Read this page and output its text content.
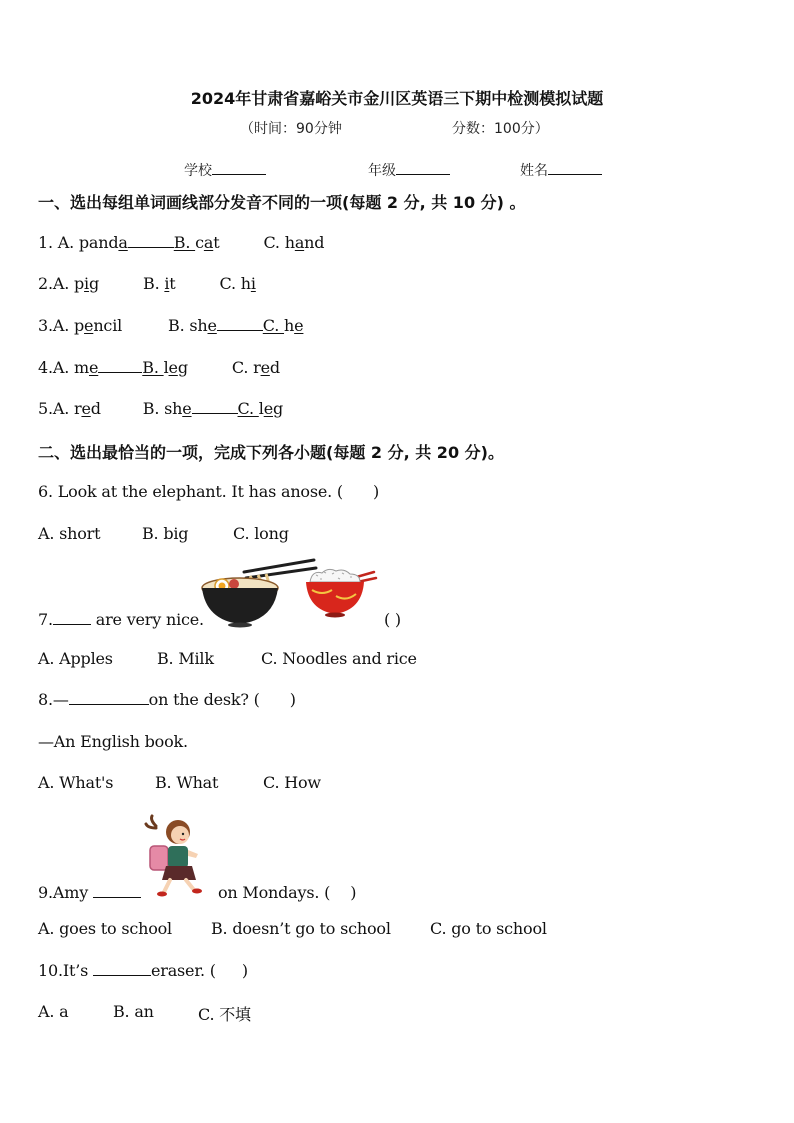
2024年甘肃省嘉峪关市金川区英语三下期中检测模拟试题
（时间：90分钟	分数：100分）
学校	年级	姓名
一、选出每组单词画线部分发音不同的一项(每题 2 分, 共 10 分) 。
1. A. panda	B. cat	C. hand
2.A. pig	B. it	C. hi
3.A. pencil	B. she	C. he
4.A. me	B. leg	C. red
5.A. red	B. she	C. leg
二、选出最恰当的一项，完成下列各小题(每题 2 分, 共 20 分)。
6. Look at the elephant. It has anose. ( )
A. short	B. big	C. long
7. are very nice.	( )
A. Apples	B. Milk	C. Noodles and rice
8.—	on the desk? ( )
—An English book.
A. What's	B. What	C. How
9.Amy	on Mondays. ( )
A. goes to school B. doesn’t go to school C. go to school
10.It’s	eraser. ( )
A. a	B. an	C. 不填
